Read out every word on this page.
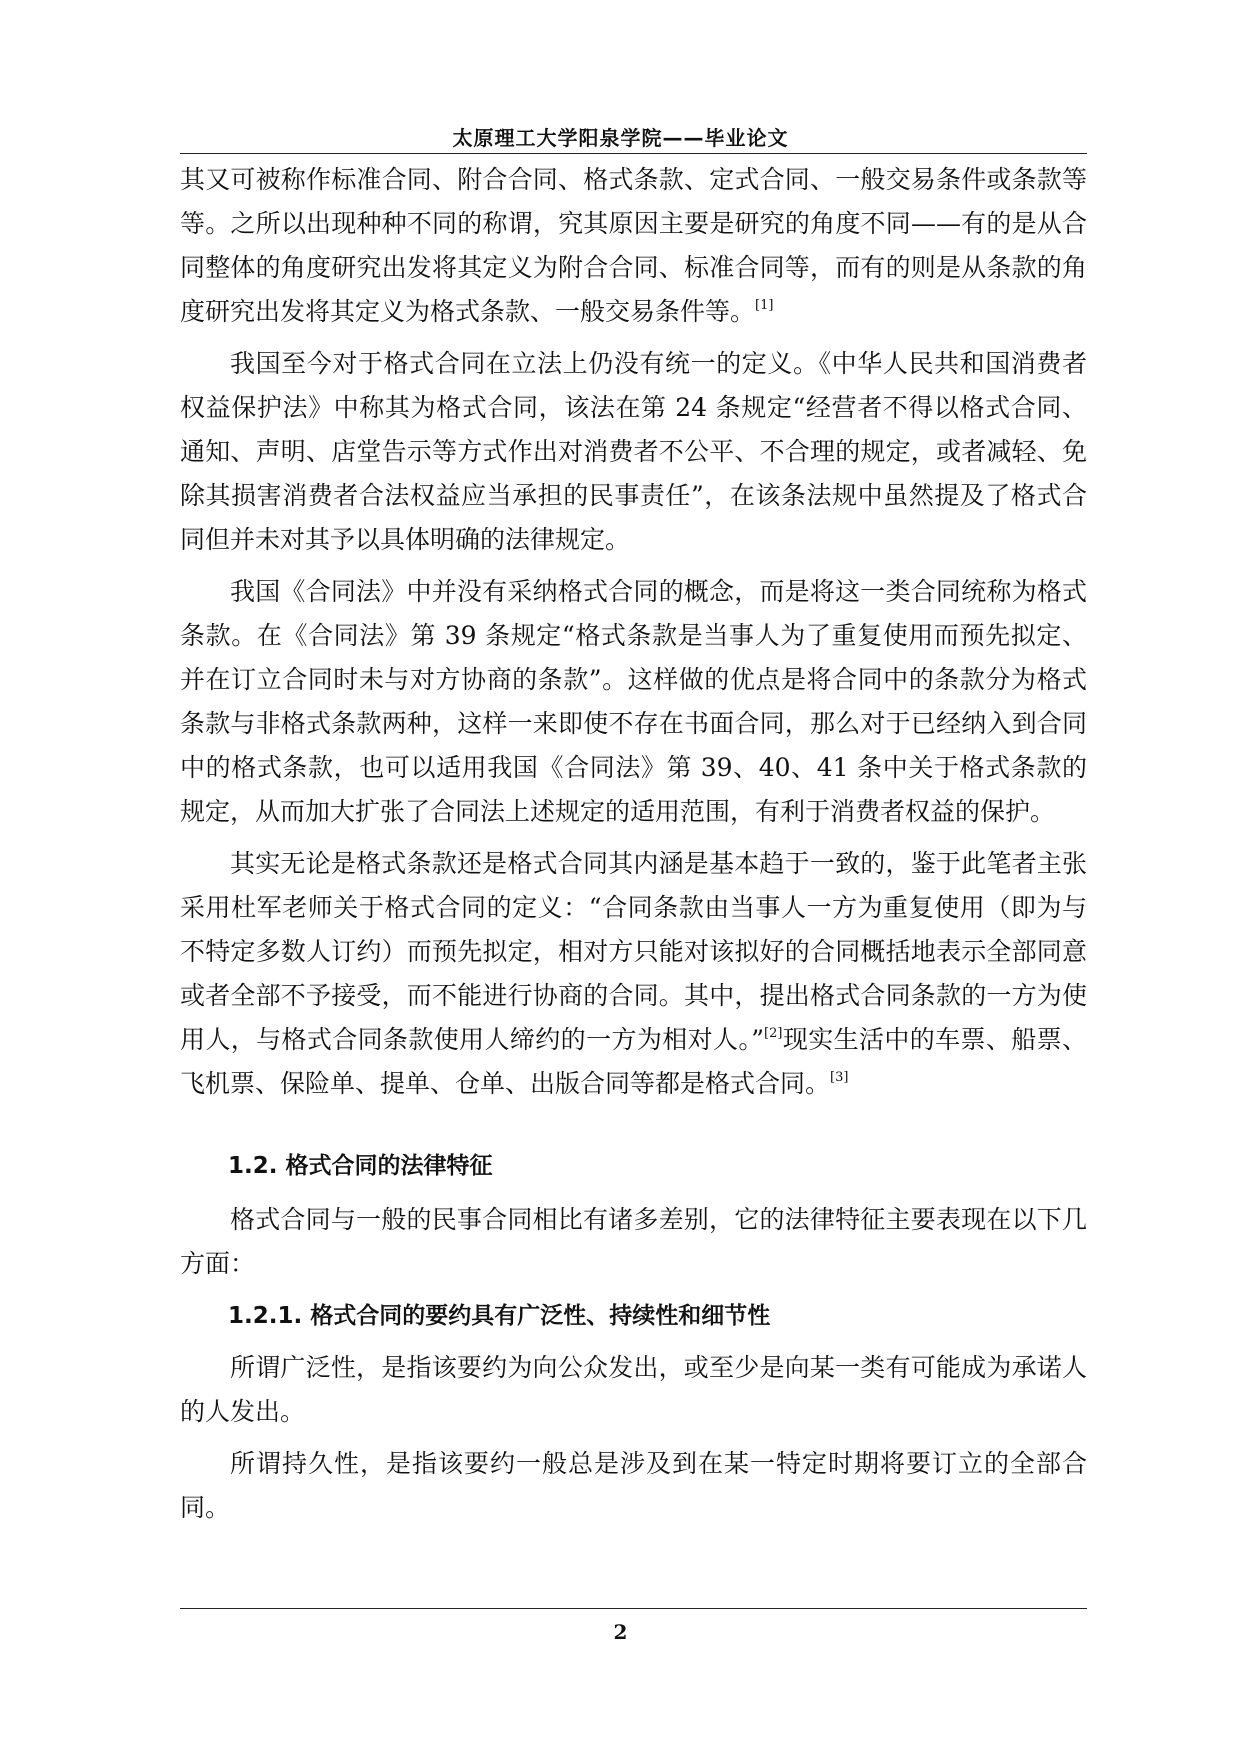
太原理工大学阳泉学院——毕业论文

其又可被称作标准合同、附合合同、格式条款、定式合同、一般交易条件或条款等等。之所以出现种种不同的称谓，究其原因主要是研究的角度不同——有的是从合同整体的角度研究出发将其定义为附合合同、标准合同等，而有的则是从条款的角度研究出发将其定义为格式条款、一般交易条件等。[1]

我国至今对于格式合同在立法上仍没有统一的定义。《中华人民共和国消费者权益保护法》中称其为格式合同，该法在第 24 条规定“经营者不得以格式合同、通知、声明、店堂告示等方式作出对消费者不公平、不合理的规定，或者减轻、免除其损害消费者合法权益应当承担的民事责任”，在该条法规中虽然提及了格式合同但并未对其予以具体明确的法律规定。

我国《合同法》中并没有采纳格式合同的概念，而是将这一类合同统称为格式条款。在《合同法》第 39 条规定“格式条款是当事人为了重复使用而预先拟定、并在订立合同时未与对方协商的条款”。这样做的优点是将合同中的条款分为格式条款与非格式条款两种，这样一来即使不存在书面合同，那么对于已经纳入到合同中的格式条款，也可以适用我国《合同法》第 39、40、41 条中关于格式条款的规定，从而加大扩张了合同法上述规定的适用范围，有利于消费者权益的保护。

其实无论是格式条款还是格式合同其内涵是基本趋于一致的，鉴于此笔者主张采用杜军老师关于格式合同的定义：“合同条款由当事人一方为重复使用（即为与不特定多数人订约）而预先拟定，相对方只能对该拟好的合同概括地表示全部同意或者全部不予接受，而不能进行协商的合同。其中，提出格式合同条款的一方为使用人，与格式合同条款使用人缔约的一方为相对人。”[2]现实生活中的车票、船票、飞机票、保险单、提单、仓单、出版合同等都是格式合同。[3]

1.2. 格式合同的法律特征

格式合同与一般的民事合同相比有诸多差别，它的法律特征主要表现在以下几方面：

1.2.1. 格式合同的要约具有广泛性、持续性和细节性

所谓广泛性，是指该要约为向公众发出，或至少是向某一类有可能成为承诺人的人发出。

所谓持久性，是指该要约一般总是涉及到在某一特定时期将要订立的全部合同。

2
